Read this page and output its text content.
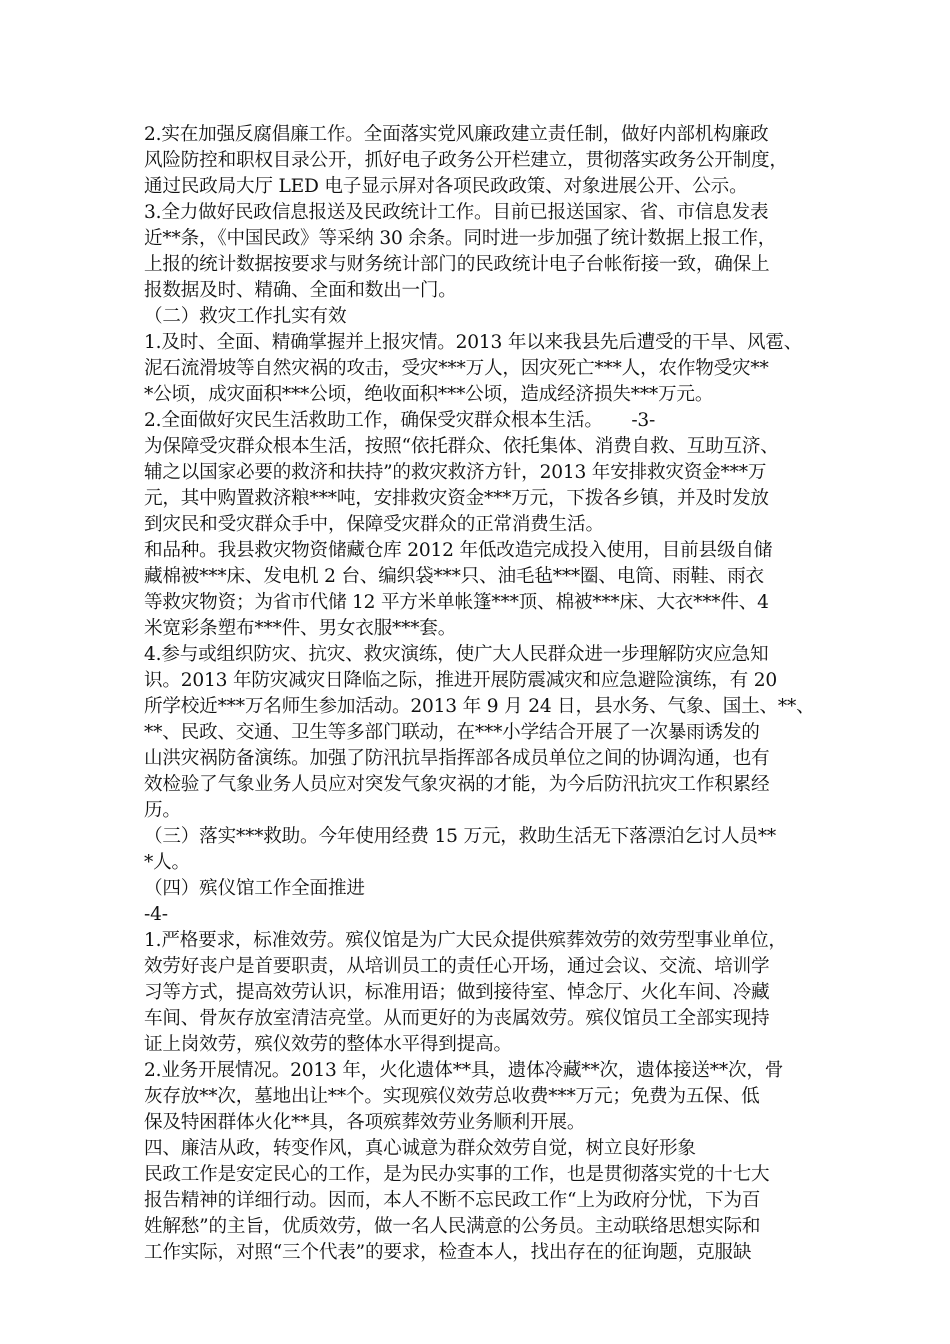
2.实在加强反腐倡廉工作。全面落实党风廉政建立责任制，做好内部机构廉政
风险防控和职权目录公开，抓好电子政务公开栏建立，贯彻落实政务公开制度，
通过民政局大厅 LED 电子显示屏对各项民政政策、对象进展公开、公示。
3.全力做好民政信息报送及民政统计工作。目前已报送国家、省、市信息发表
近**条，《中国民政》等采纳 30 余条。同时进一步加强了统计数据上报工作，
上报的统计数据按要求与财务统计部门的民政统计电子台帐衔接一致，确保上
报数据及时、精确、全面和数出一门。
（二）救灾工作扎实有效
1.及时、全面、精确掌握并上报灾情。2013 年以来我县先后遭受的干旱、风雹、
泥石流滑坡等自然灾祸的攻击，受灾***万人，因灾死亡***人，农作物受灾**
*公顷，成灾面积***公顷，绝收面积***公顷，造成经济损失***万元。
2.全面做好灾民生活救助工作，确保受灾群众根本生活。     -3-
为保障受灾群众根本生活，按照“依托群众、依托集体、消费自救、互助互济、
辅之以国家必要的救济和扶持”的救灾救济方针，2013 年安排救灾资金***万
元，其中购置救济粮***吨，安排救灾资金***万元，下拨各乡镇，并及时发放
到灾民和受灾群众手中，保障受灾群众的正常消费生活。
和品种。我县救灾物资储藏仓库 2012 年低改造完成投入使用，目前县级自储
藏棉被***床、发电机 2 台、编织袋***只、油毛毡***圈、电筒、雨鞋、雨衣
等救灾物资；为省市代储 12 平方米单帐篷***顶、棉被***床、大衣***件、4
米宽彩条塑布***件、男女衣服***套。
4.参与或组织防灾、抗灾、救灾演练，使广大人民群众进一步理解防灾应急知
识。2013 年防灾减灾日降临之际，推进开展防震减灾和应急避险演练，有 20
所学校近***万名师生参加活动。2013 年 9 月 24 日，县水务、气象、国土、**、
**、民政、交通、卫生等多部门联动，在***小学结合开展了一次暴雨诱发的
山洪灾祸防备演练。加强了防汛抗旱指挥部各成员单位之间的协调沟通，也有
效检验了气象业务人员应对突发气象灾祸的才能，为今后防汛抗灾工作积累经
历。
（三）落实***救助。今年使用经费 15 万元，救助生活无下落漂泊乞讨人员**
*人。
（四）殡仪馆工作全面推进
-4-
1.严格要求，标准效劳。殡仪馆是为广大民众提供殡葬效劳的效劳型事业单位，
效劳好丧户是首要职责，从培训员工的责任心开场，通过会议、交流、培训学
习等方式，提高效劳认识，标准用语；做到接待室、悼念厅、火化车间、冷藏
车间、骨灰存放室清洁亮堂。从而更好的为丧属效劳。殡仪馆员工全部实现持
证上岗效劳，殡仪效劳的整体水平得到提高。
2.业务开展情况。2013 年，火化遗体**具，遗体冷藏**次，遗体接送**次，骨
灰存放**次，墓地出让**个。实现殡仪效劳总收费***万元；免费为五保、低
保及特困群体火化**具，各项殡葬效劳业务顺利开展。
四、廉洁从政，转变作风，真心诚意为群众效劳自觉，树立良好形象
民政工作是安定民心的工作，是为民办实事的工作，也是贯彻落实党的十七大
报告精神的详细行动。因而，本人不断不忘民政工作“上为政府分忧，下为百
姓解愁”的主旨，优质效劳，做一名人民满意的公务员。主动联络思想实际和
工作实际，对照“三个代表”的要求，检查本人，找出存在的征询题，克服缺
